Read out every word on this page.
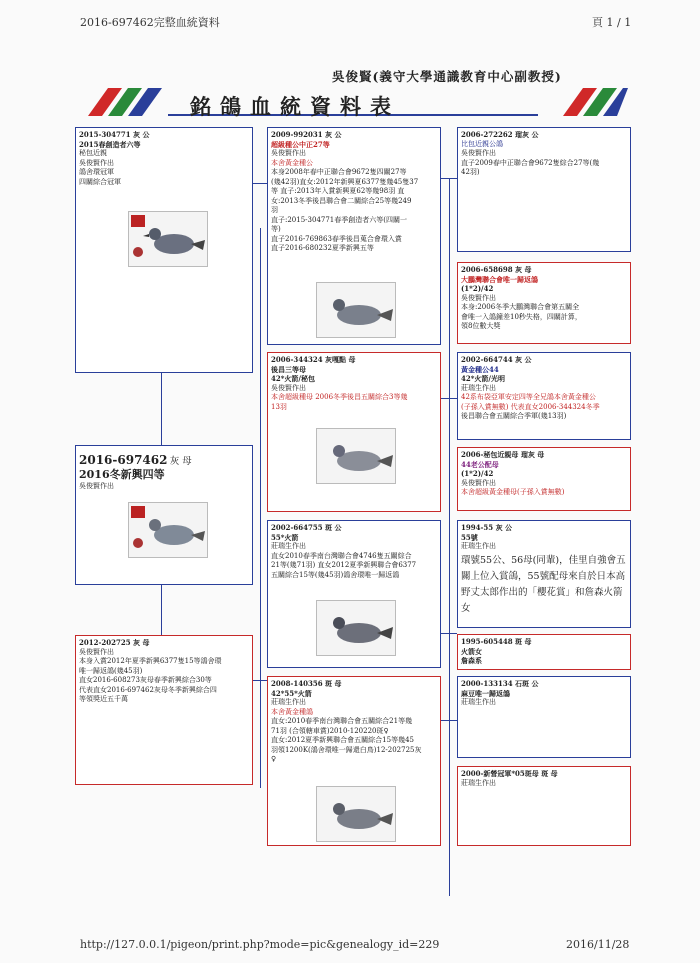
2016-697462完整血統資料	頁 1 / 1
吳俊賢(義守大學通識教育中心副教授)
銘鴿血統資料表
2015-304771 灰 公
2015春創造者六等
秘包近親
吳俊賢作出
鴿舍環冠軍
四關綜合冠軍
2016-697462 灰 母
2016冬新興四等
吳俊賢作出
2012-202725 灰 母
吳俊賢作出
本身入賞2012年夏季新興6377隻15等鴿舍環
唯一歸返鴿(幾45羽)
直女2016-608273灰母春季新興綜合30等
代表直女2016-697462灰母冬季新興綜合四
等領獎近五千萬
2009-992031 灰 公
超級種公中正27等
吳俊賢作出
本舍黃金種公
本身2008年春中正聯合會9672隻四關27等
(幾42羽)直女:2012年新興夏6377隻幾45隻37
等 直子:2013年入賞新興夏62等幾98羽 直
女:2013冬季後昌聯合會二關綜合25等幾249
羽
直子:2015-304771春季創造者六等(四關一
等)
直子2016-769863春季後昌蒐合會環入賞
直子2016-680232夏季新興五等
2006-344324 灰嘎點 母
後昌三等母
42*火箭/秘包
吳俊賢作出
本舍超級種母 2006冬季後昌五關綜合3等幾
13羽
2002-664755 斑 公
55*火箭
莊瑞生作出
直女2010春季南台灣聯合會4746隻五關綜合
21等(幾71羽) 直女2012夏季新興聯合會6377
五關綜合15等(幾45羽)鴿舍環唯一歸返鴿
2008-140356 斑 母
42*55*火箭
莊瑞生作出
本舍黃金種鴿
直女:2010春季南台灣聯合會五關綜合21等幾
71羽 (合領轄車賞)2010-120220斑♀
直女:2012夏季新興聯合會五關綜合15等幾45
羽領1200K(鴿舍環唯一歸還白鳥)12-202725灰
♀
2006-272262 瑠灰 公
比包近親公鴿
吳俊賢作出
直子2009春中正聯合會9672隻綜合27等(幾
42羽)
2006-658698 灰 母
大鵬灣聯合會唯一歸返鴿
(1*2)/42
吳俊賢作出
本身:2006冬季大鵬灣聯合會第五關全
會唯一入鴿鐘差10秒失格，四關計算，
領8位數大獎
2002-664744 灰 公
黃金種公44
42*火箭/光明
莊瑞生作出
42系布袋亞軍安定四等全兄鴿本舍黃金種公
(子孫入賞無數) 代表直女2006-344324冬季
後昌聯合會五關綜合季軍(幾13羽)
2006-秘包近親母 瑠灰 母
44老公配母
(1*2)/42
吳俊賢作出
本舍超級黃金種母(子孫入賞無數)
1994-55 灰 公
55號
莊瑞生作出
環號55公、56母(同輩)，佳里自強會五關上位入賞鴿，55號配母來自於日本高野丈太郎作出的「櫻花賞」和詹森火箭女
1995-605448 斑 母
火箭女
詹森系
2000-133134 石斑 公
麻豆唯一歸返鴿
莊瑞生作出
2000-新營冠軍*05斑母 斑 母
莊瑞生作出
http://127.0.0.1/pigeon/print.php?mode=pic&genealogy_id=229	2016/11/28
